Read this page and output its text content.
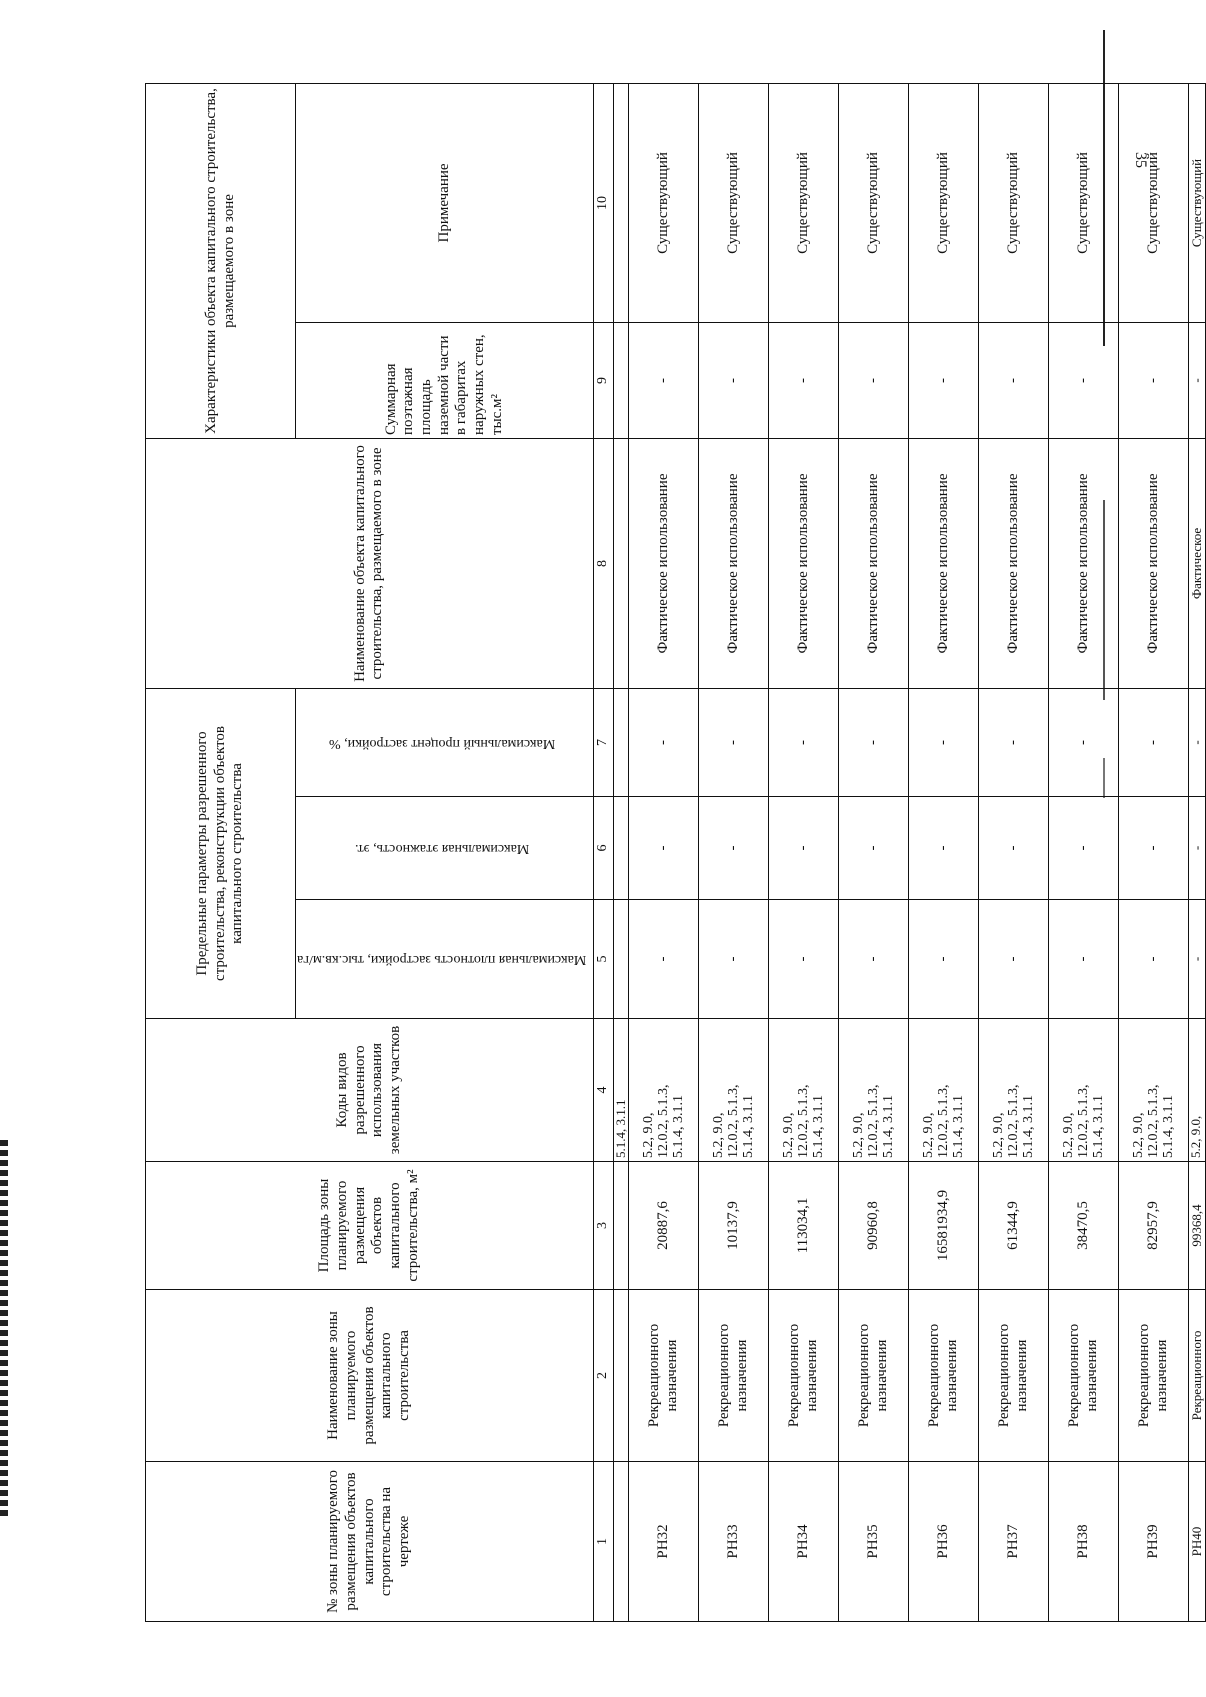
35
№ зоны планируемого размещения объектов капитального строительства на чертеже	Наименование зоны планируемого размещения объектов капитального строительства	Площадь зоны планируемого размещения объектов капитального строительства, м²	Коды видов разрешенного использования земельных участков	Предельные параметры разрешенного строительства, реконструкции объектов капитального строительства			Наименование объекта капитального строительства, размещаемого в зоне	Характеристики объекта капитального строительства, размещаемого в зоне	
				Максимальная плотность застройки, тыс.кв.м/га	Максимальная этажность, эт.	Максимальный процент застройки, %		Суммарная поэтажная площадь наземной части в габаритах наружных стен, тыс.м²	Примечание
1	2	3	4	5	6	7	8	9	10
			5.1.4, 3.1.1						
РН32	Рекреационного назначения	20887,6	5.2, 9.0, 12.0.2, 5.1.3, 5.1.4, 3.1.1	-	-	-	Фактическое использование	-	Существующий
РН33	Рекреационного назначения	10137,9	5.2, 9.0, 12.0.2, 5.1.3, 5.1.4, 3.1.1	-	-	-	Фактическое использование	-	Существующий
РН34	Рекреационного назначения	113034,1	5.2, 9.0, 12.0.2, 5.1.3, 5.1.4, 3.1.1	-	-	-	Фактическое использование	-	Существующий
РН35	Рекреационного назначения	90960,8	5.2, 9.0, 12.0.2, 5.1.3, 5.1.4, 3.1.1	-	-	-	Фактическое использование	-	Существующий
РН36	Рекреационного назначения	16581934,9	5.2, 9.0, 12.0.2, 5.1.3, 5.1.4, 3.1.1	-	-	-	Фактическое использование	-	Существующий
РН37	Рекреационного назначения	61344,9	5.2, 9.0, 12.0.2, 5.1.3, 5.1.4, 3.1.1	-	-	-	Фактическое использование	-	Существующий
РН38	Рекреационного назначения	38470,5	5.2, 9.0, 12.0.2, 5.1.3, 5.1.4, 3.1.1	-	-	-	Фактическое использование	-	Существующий
РН39	Рекреационного назначения	82957,9	5.2, 9.0, 12.0.2, 5.1.3, 5.1.4, 3.1.1	-	-	-	Фактическое использование	-	Существующий
РН40	Рекреационного	99368,4	5.2, 9.0,	-	-	-	Фактическое	-	Существующий
